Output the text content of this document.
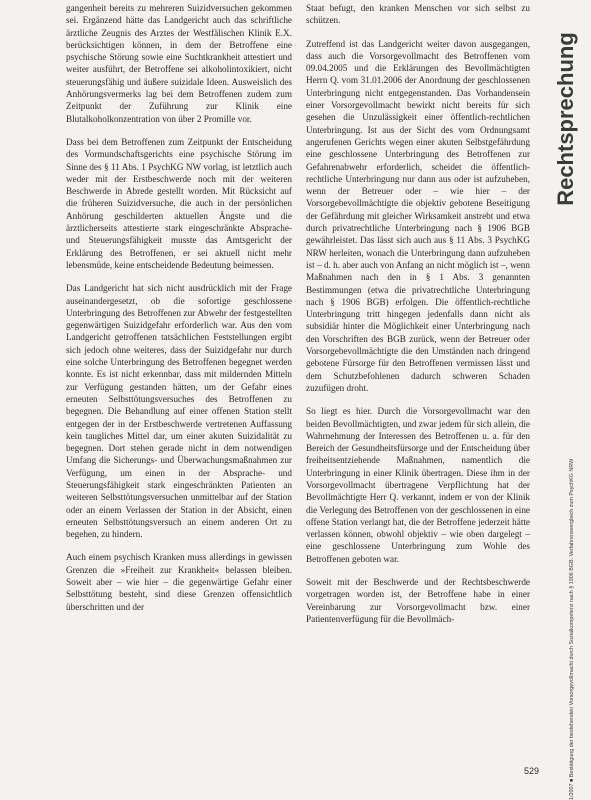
gangenheit bereits zu mehreren Suizidversuchen gekommen sei. Ergänzend hätte das Landgericht auch das schriftliche ärztliche Zeugnis des Arztes der Westfälischen Klinik E.X. berücksichtigen können, in dem der Betroffene eine psychische Störung sowie eine Suchtkrankheit attestiert und weiter ausführt, der Betroffene sei alkoholintoxikiert, nicht steuerungsfähig und äußere suizidale Ideen. Ausweislich des Anhörungsvermerks lag bei dem Betroffenen zudem zum Zeitpunkt der Zuführung zur Klinik eine Blutalkoholkonzentration von über 2 Promille vor.

Dass bei dem Betroffenen zum Zeitpunkt der Entscheidung des Vormundschaftsgerichts eine psychische Störung im Sinne des § 11 Abs. 1 PsychKG NW vorlag, ist letztlich auch weder mit der Erstbeschwerde noch mit der weiteren Beschwerde in Abrede gestellt worden. Mit Rücksicht auf die früheren Suizidversuche, die auch in der persönlichen Anhörung geschilderten aktuellen Ängste und die ärztlicherseits attestierte stark eingeschränkte Absprache- und Steuerungsfähigkeit musste das Amtsgericht der Erklärung des Betroffenen, er sei aktuell nicht mehr lebensmüde, keine entscheidende Bedeutung beimessen.

Das Landgericht hat sich nicht ausdrücklich mit der Frage auseinandergesetzt, ob die sofortige geschlossene Unterbringung des Betroffenen zur Abwehr der festgestellten gegenwärtigen Suizidgefahr erforderlich war. Aus den vom Landgericht getroffenen tatsächlichen Feststellungen ergibt sich jedoch ohne weiteres, dass der Suizidgefahr nur durch eine solche Unterbringung des Betroffenen begegnet werden konnte. Es ist nicht erkennbar, dass mit mildernden Mitteln zur Verfügung gestanden hätten, um der Gefahr eines erneuten Selbsttötungsversuches des Betroffenen zu begegnen. Die Behandlung auf einer offenen Station stellt entgegen der in der Erstbeschwerde vertretenen Auffassung kein taugliches Mittel dar, um einer akuten Suizidalität zu begegnen. Dort stehen gerade nicht in dem notwendigen Umfang die Sicherungs- und Überwachungsmaßnahmen zur Verfügung, um einen in der Absprache- und Steuerungsfähigkeit stark eingeschränkten Patienten an weiteren Selbsttötungsversuchen unmittelbar auf der Station oder an einem Verlassen der Station in der Absicht, einen erneuten Selbsttötungsversuch an einem anderen Ort zu begehen, zu hindern.

Auch einem psychisch Kranken muss allerdings in gewissen Grenzen die »Freiheit zur Krankheit« belassen bleiben. Soweit aber – wie hier – die gegenwärtige Gefahr einer Selbsttötung besteht, sind diese Grenzen offensichtlich überschritten und der

Staat befugt, den kranken Menschen vor sich selbst zu schützen.

Zutreffend ist das Landgericht weiter davon ausgegangen, dass auch die Vorsorgevollmacht des Betroffenen vom 09.04.2005 und die Erklärungen des Bevollmächtigten Herrn Q. vom 31.01.2006 der Anordnung der geschlossenen Unterbringung nicht entgegenstanden. Das Vorhandensein einer Vorsorgevollmacht bewirkt nicht bereits für sich gesehen die Unzulässigkeit einer öffentlich-rechtlichen Unterbringung. Ist aus der Sicht des vom Ordnungsamt angerufenen Gerichts wegen einer akuten Selbstgefährdung eine geschlossene Unterbringung des Betroffenen zur Gefahrenabwehr erforderlich, scheidet die öffentlich-rechtliche Unterbringung nur dann aus oder ist aufzuheben, wenn der Betreuer oder – wie hier – der Vorsorgebevollmächtigte die objektiv gebotene Beseitigung der Gefährdung mit gleicher Wirksamkeit anstrebt und etwa durch privatrechtliche Unterbringung nach § 1906 BGB gewährleistet. Das lässt sich auch aus § 11 Abs. 3 PsychKG NRW herleiten, wonach die Unterbringung dann aufzuheben ist – d. h. aber auch von Anfang an nicht möglich ist –, wenn Maßnahmen nach den in § 1 Abs. 3 genannten Bestimmungen (etwa die privatrechtliche Unterbringung nach § 1906 BGB) erfolgen. Die öffentlich-rechtliche Unterbringung tritt hingegen jedenfalls dann nicht als subsidiär hinter die Möglichkeit einer Unterbringung nach den Vorschriften des BGB zurück, wenn der Betreuer oder Vorsorgebevollmächtigte die den Umständen nach dringend gebotene Fürsorge für den Betroffenen vermissen lässt und dem Schutzbefohlenen dadurch schweren Schaden zuzufügen droht.

So liegt es hier. Durch die Vorsorgevollmacht war den beiden Bevollmächtigten, und zwar jedem für sich allein, die Wahrnehmung der Interessen des Betroffenen u. a. für den Bereich der Gesundheitsfürsorge und der Entscheidung über freiheitsentziehende Maßnahmen, namentlich die Unterbringung in einer Klinik übertragen. Diese ihm in der Vorsorgevollmacht übertragene Verpflichtung hat der Bevollmächtigte Herr Q. verkannt, indem er von der Klinik die Verlegung des Betroffenen von der geschlossenen in eine offene Station verlangt hat, die der Betroffene jederzeit hätte verlassen können, obwohl objektiv – wie oben dargelegt – eine geschlossene Unterbringung zum Wohle des Betroffenen geboten war.

Soweit mit der Beschwerde und der Rechtsbeschwerde vorgetragen worden ist, der Betroffene habe in einer Vereinbarung zur Vorsorgevollmacht bzw. einer Patientenverfügung für die Bevollmäch-

Rechtsprechung
1/2007 ■ Bestätigung der bestehenden Vorsorgevollmacht durch Sozialkompetenz nach § 1906 BGB: Verfahrensvergleich zum PsychKG NRW
529
